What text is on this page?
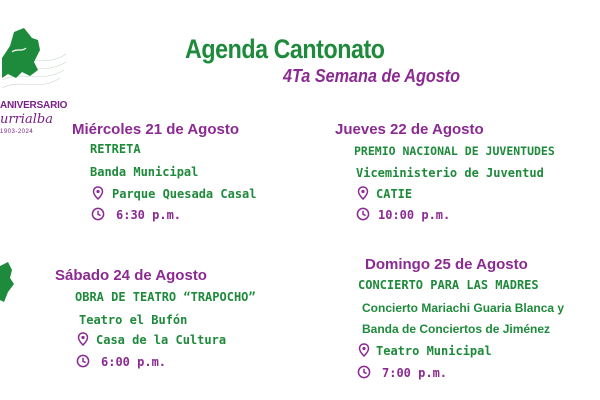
ANIVERSARIO
urrialba
1903-2024
Agenda Cantonato
4Ta Semana de Agosto
Miércoles 21 de Agosto
RETRETA
Banda Municipal
Parque Quesada Casal
6:30 p.m.
Jueves 22 de Agosto
PREMIO NACIONAL DE JUVENTUDES
Viceministerio de Juventud
CATIE
10:00 p.m.
Sábado 24 de Agosto
OBRA DE TEATRO “TRAPOCHO”
Teatro el Bufón
Casa de la Cultura
6:00 p.m.
Domingo 25 de Agosto
CONCIERTO PARA LAS MADRES
Concierto Mariachi Guaria Blanca y
Banda de Conciertos de Jiménez
Teatro Municipal
7:00 p.m.
